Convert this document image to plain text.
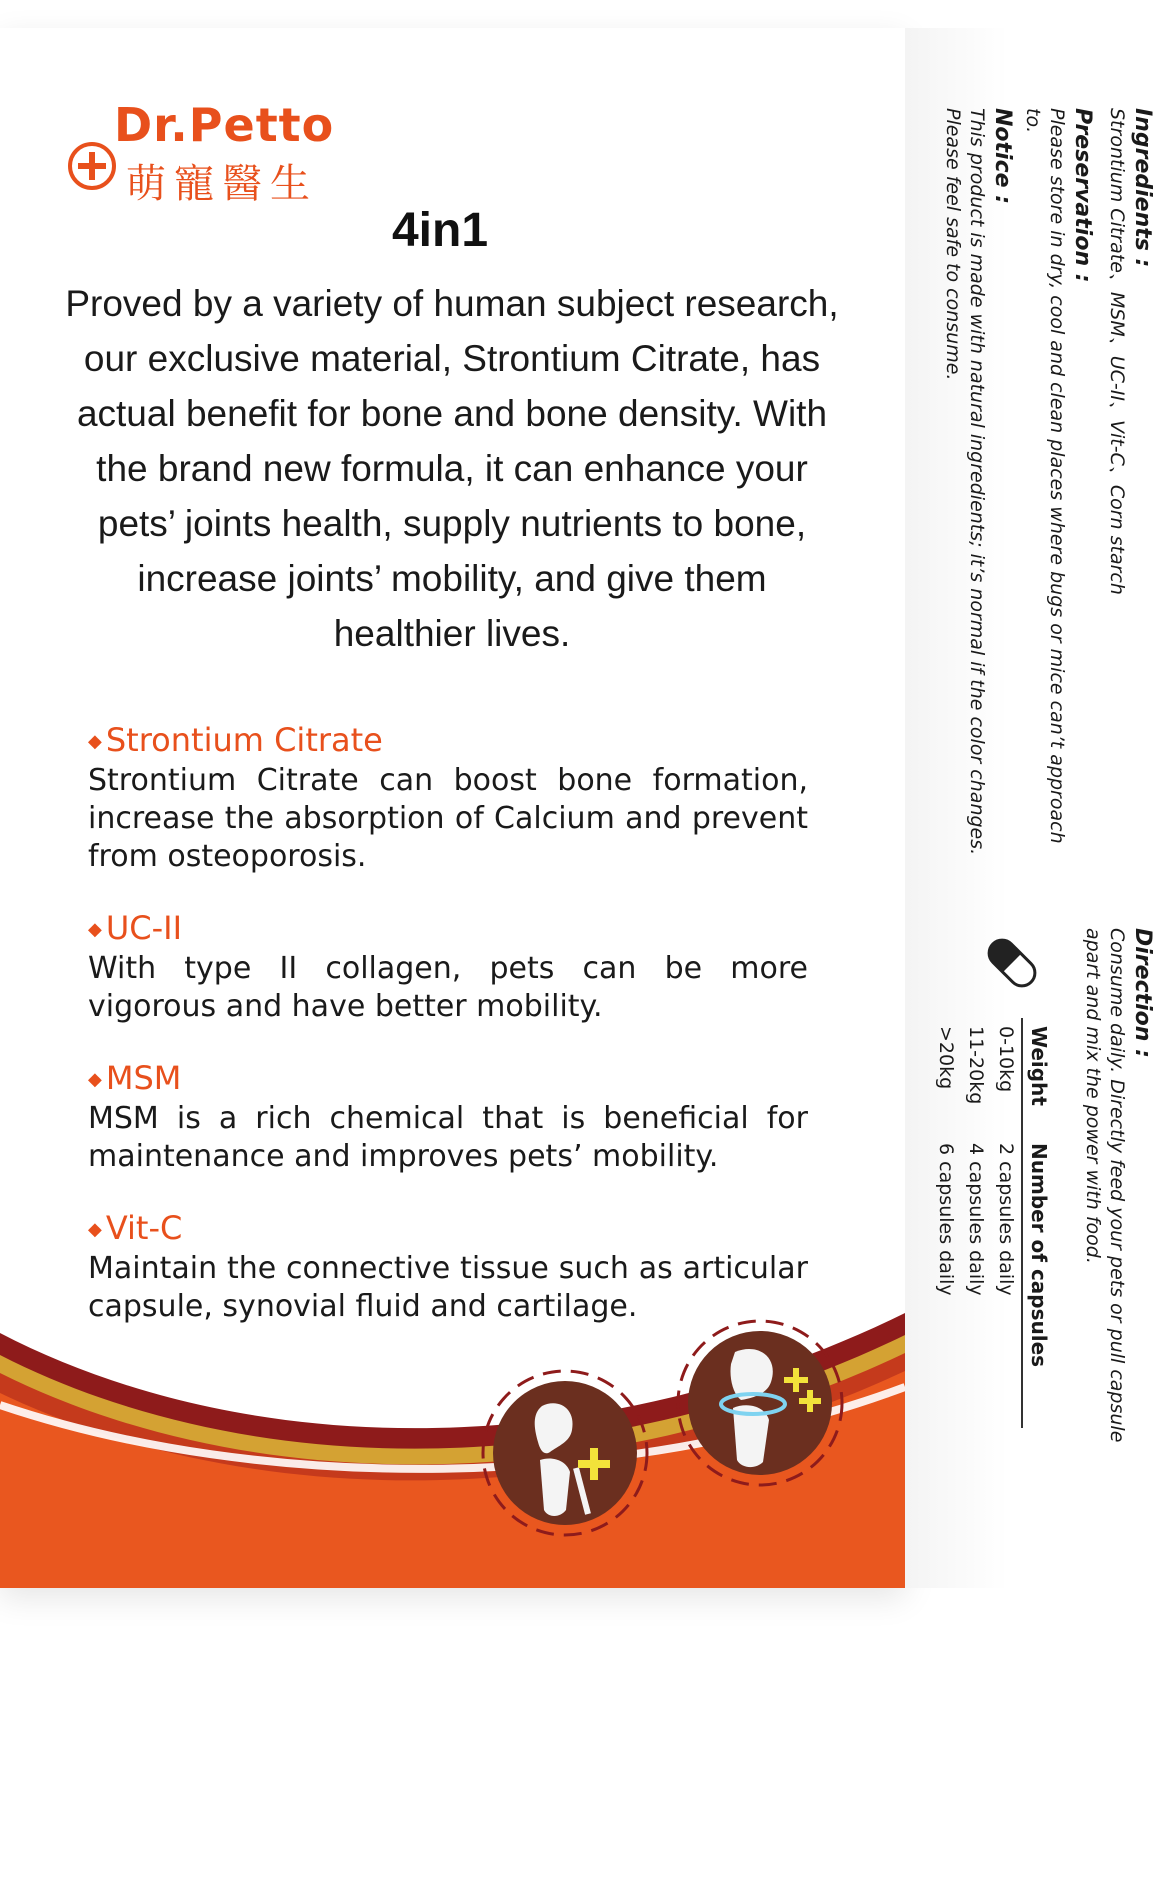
Dr.Petto
萌寵醫生
4in1
Proved by a variety of human subject research, our exclusive material, Strontium Citrate, has actual benefit for bone and bone density. With the brand new formula, it can enhance your pets’ joints health, supply nutrients to bone, increase joints’ mobility, and give them healthier lives.
◆ Strontium Citrate
Strontium Citrate can boost bone formation, increase the absorption of Calcium and prevent from osteoporosis.
◆ UC-II
With type II collagen, pets can be more vigorous and have better mobility.
◆ MSM
MSM is a rich chemical that is beneficial for maintenance and improves pets’ mobility.
◆ Vit-C
Maintain the connective tissue such as articular capsule, synovial fluid and cartilage.
Ingredients :
Strontium Citrate、MSM、UC-II、Vit-C、Corn starch
Preservation :
Please store in dry, cool and clean places where bugs or mice can’t approach to.
Notice :
This product is made with natural ingredients; it’s normal if the color changes. Please feel safe to consume.
Direction :
Consume daily. Directly feed your pets or pull capsule apart and mix the power with food.
Weight	Number of capsules
0-10kg	2 capsules daily
11-20kg	4 capsules daily
>20kg	6 capsules daily
